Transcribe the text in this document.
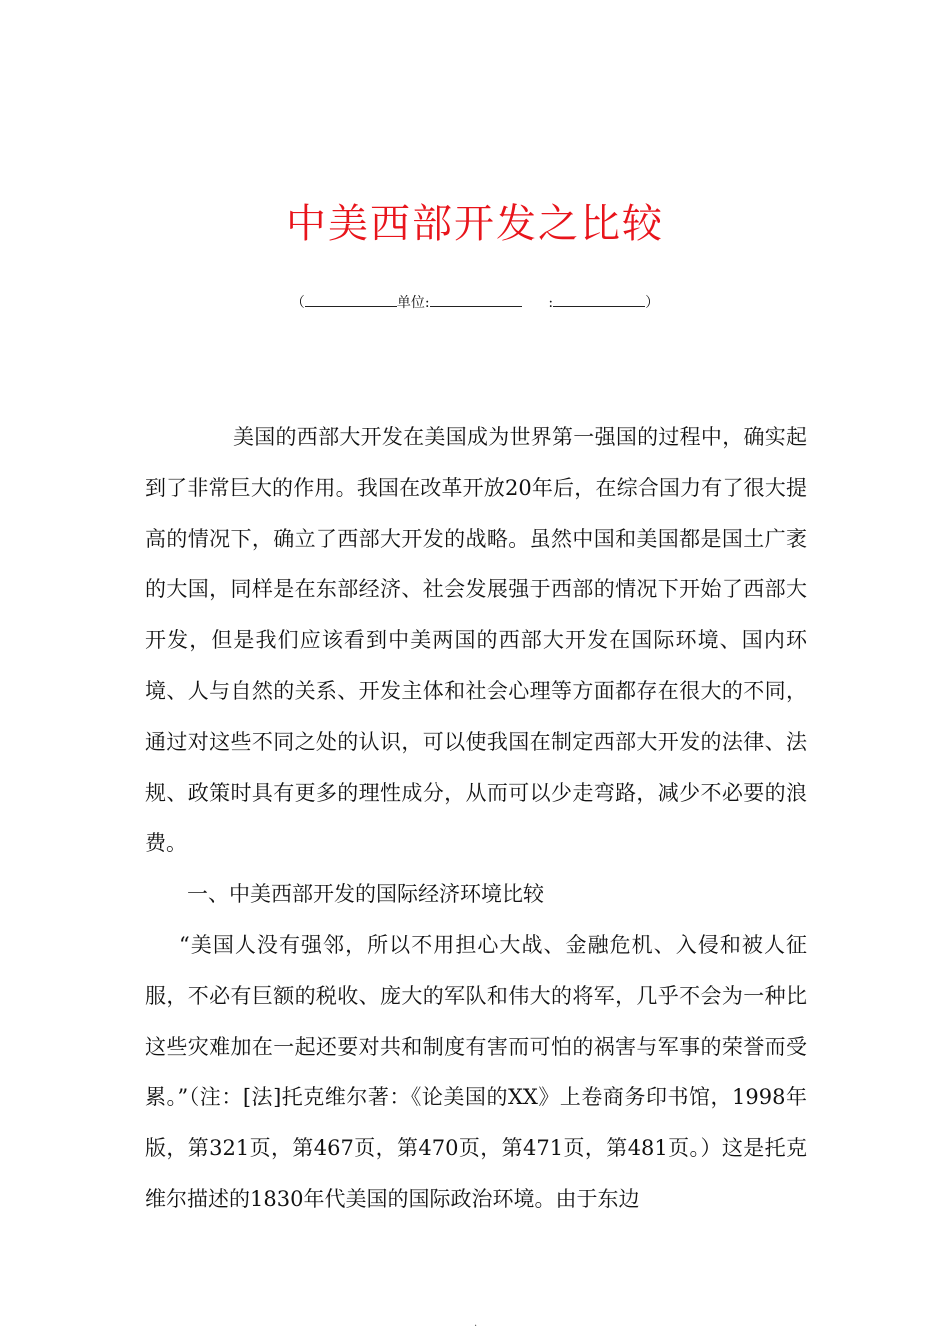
中美西部开发之比较
（	单位:	:	）

美国的西部大开发在美国成为世界第一强国的过程中，确实起到了非常巨大的作用。我国在改革开放20年后，在综合国力有了很大提高的情况下，确立了西部大开发的战略。虽然中国和美国都是国土广袤的大国，同样是在东部经济、社会发展强于西部的情况下开始了西部大开发，但是我们应该看到中美两国的西部大开发在国际环境、国内环境、人与自然的关系、开发主体和社会心理等方面都存在很大的不同，通过对这些不同之处的认识，可以使我国在制定西部大开发的法律、法规、政策时具有更多的理性成分，从而可以少走弯路，减少不必要的浪费。

一、中美西部开发的国际经济环境比较

“美国人没有强邻，所以不用担心大战、金融危机、入侵和被人征服，不必有巨额的税收、庞大的军队和伟大的将军，几乎不会为一种比这些灾难加在一起还要对共和制度有害而可怕的祸害与军事的荣誉而受累。”（注：[法]托克维尔著：《论美国的XX》上卷商务印书馆，1998年版，第321页，第467页，第470页，第471页，第481页。）这是托克维尔描述的1830年代美国的国际政治环境。由于东边

.
